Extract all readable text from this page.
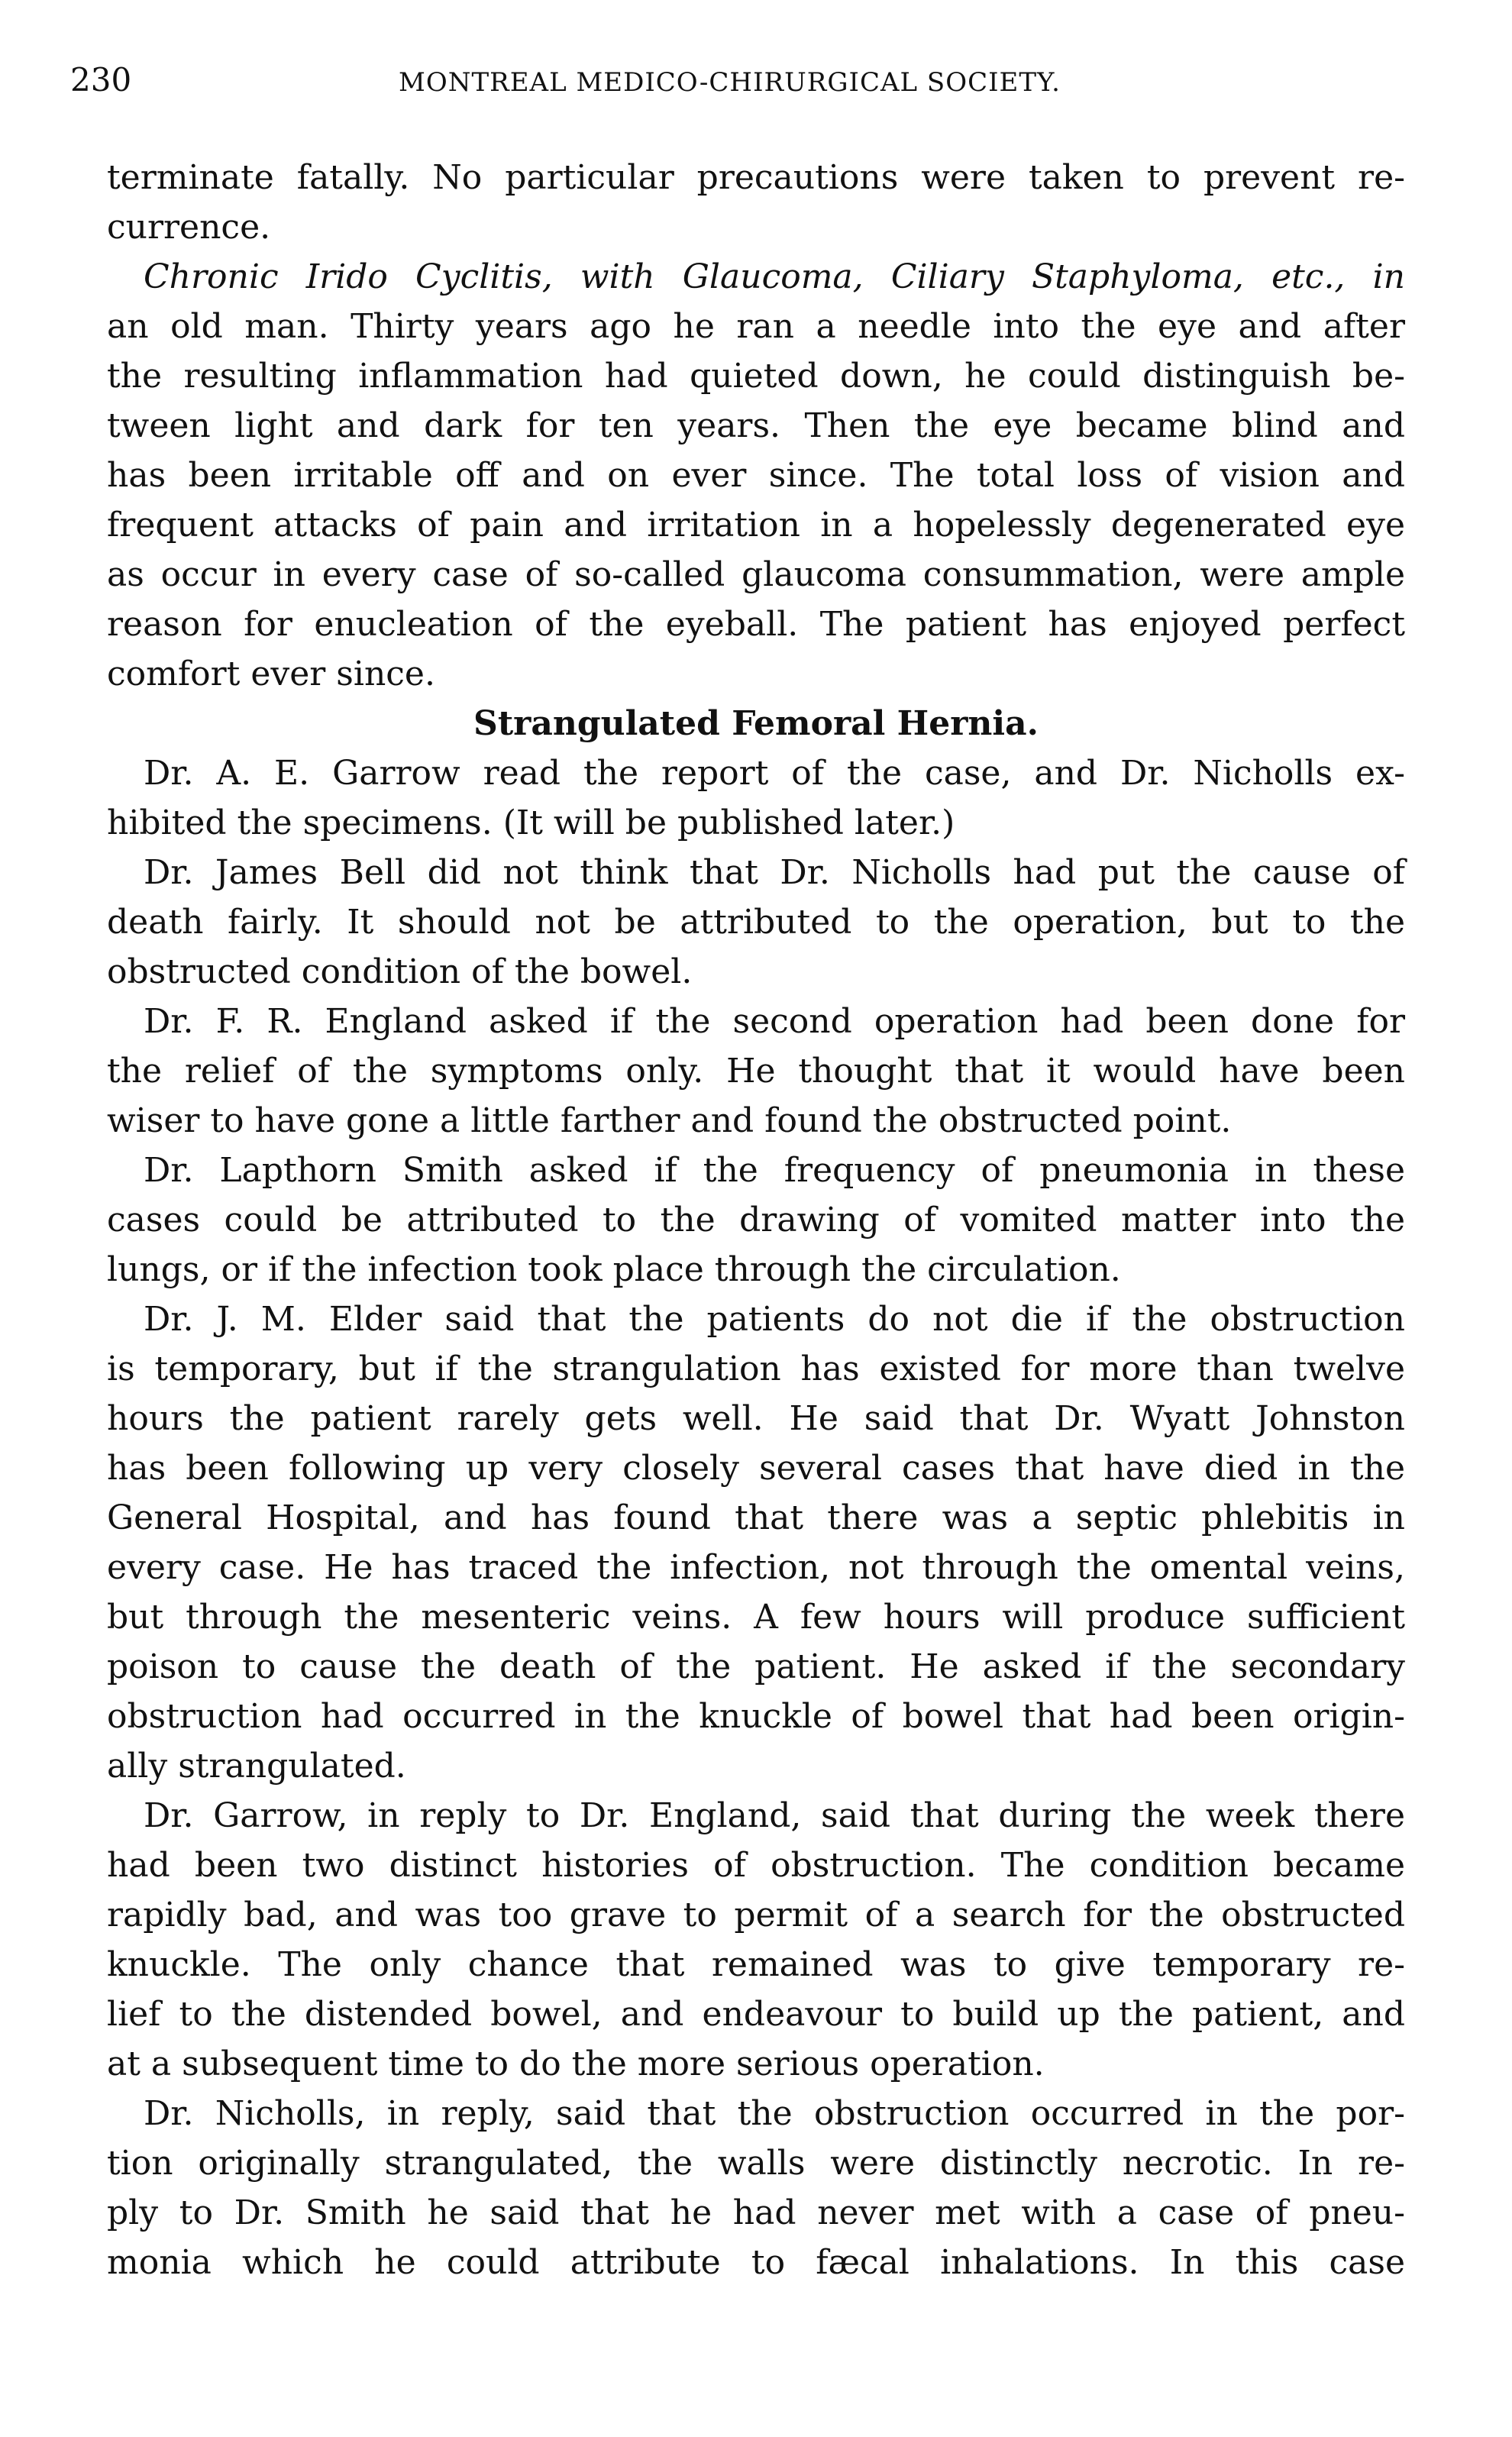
230	MONTREAL MEDICO-CHIRURGICAL SOCIETY.
terminate fatally. No particular precautions were taken to prevent re-
currence.
Chronic Irido Cyclitis, with Glaucoma, Ciliary Staphyloma, etc., in
an old man. Thirty years ago he ran a needle into the eye and after
the resulting inflammation had quieted down, he could distinguish be-
tween light and dark for ten years. Then the eye became blind and
has been irritable off and on ever since. The total loss of vision and
frequent attacks of pain and irritation in a hopelessly degenerated eye
as occur in every case of so-called glaucoma consummation, were ample
reason for enucleation of the eyeball. The patient has enjoyed perfect
comfort ever since.
Strangulated Femoral Hernia.
Dr. A. E. Garrow read the report of the case, and Dr. Nicholls ex-
hibited the specimens. (It will be published later.)
Dr. James Bell did not think that Dr. Nicholls had put the cause of
death fairly. It should not be attributed to the operation, but to the
obstructed condition of the bowel.
Dr. F. R. England asked if the second operation had been done for
the relief of the symptoms only. He thought that it would have been
wiser to have gone a little farther and found the obstructed point.
Dr. Lapthorn Smith asked if the frequency of pneumonia in these
cases could be attributed to the drawing of vomited matter into the
lungs, or if the infection took place through the circulation.
Dr. J. M. Elder said that the patients do not die if the obstruction
is temporary, but if the strangulation has existed for more than twelve
hours the patient rarely gets well. He said that Dr. Wyatt Johnston
has been following up very closely several cases that have died in the
General Hospital, and has found that there was a septic phlebitis in
every case. He has traced the infection, not through the omental veins,
but through the mesenteric veins. A few hours will produce sufficient
poison to cause the death of the patient. He asked if the secondary
obstruction had occurred in the knuckle of bowel that had been origin-
ally strangulated.
Dr. Garrow, in reply to Dr. England, said that during the week there
had been two distinct histories of obstruction. The condition became
rapidly bad, and was too grave to permit of a search for the obstructed
knuckle. The only chance that remained was to give temporary re-
lief to the distended bowel, and endeavour to build up the patient, and
at a subsequent time to do the more serious operation.
Dr. Nicholls, in reply, said that the obstruction occurred in the por-
tion originally strangulated, the walls were distinctly necrotic. In re-
ply to Dr. Smith he said that he had never met with a case of pneu-
monia which he could attribute to fæcal inhalations. In this case
